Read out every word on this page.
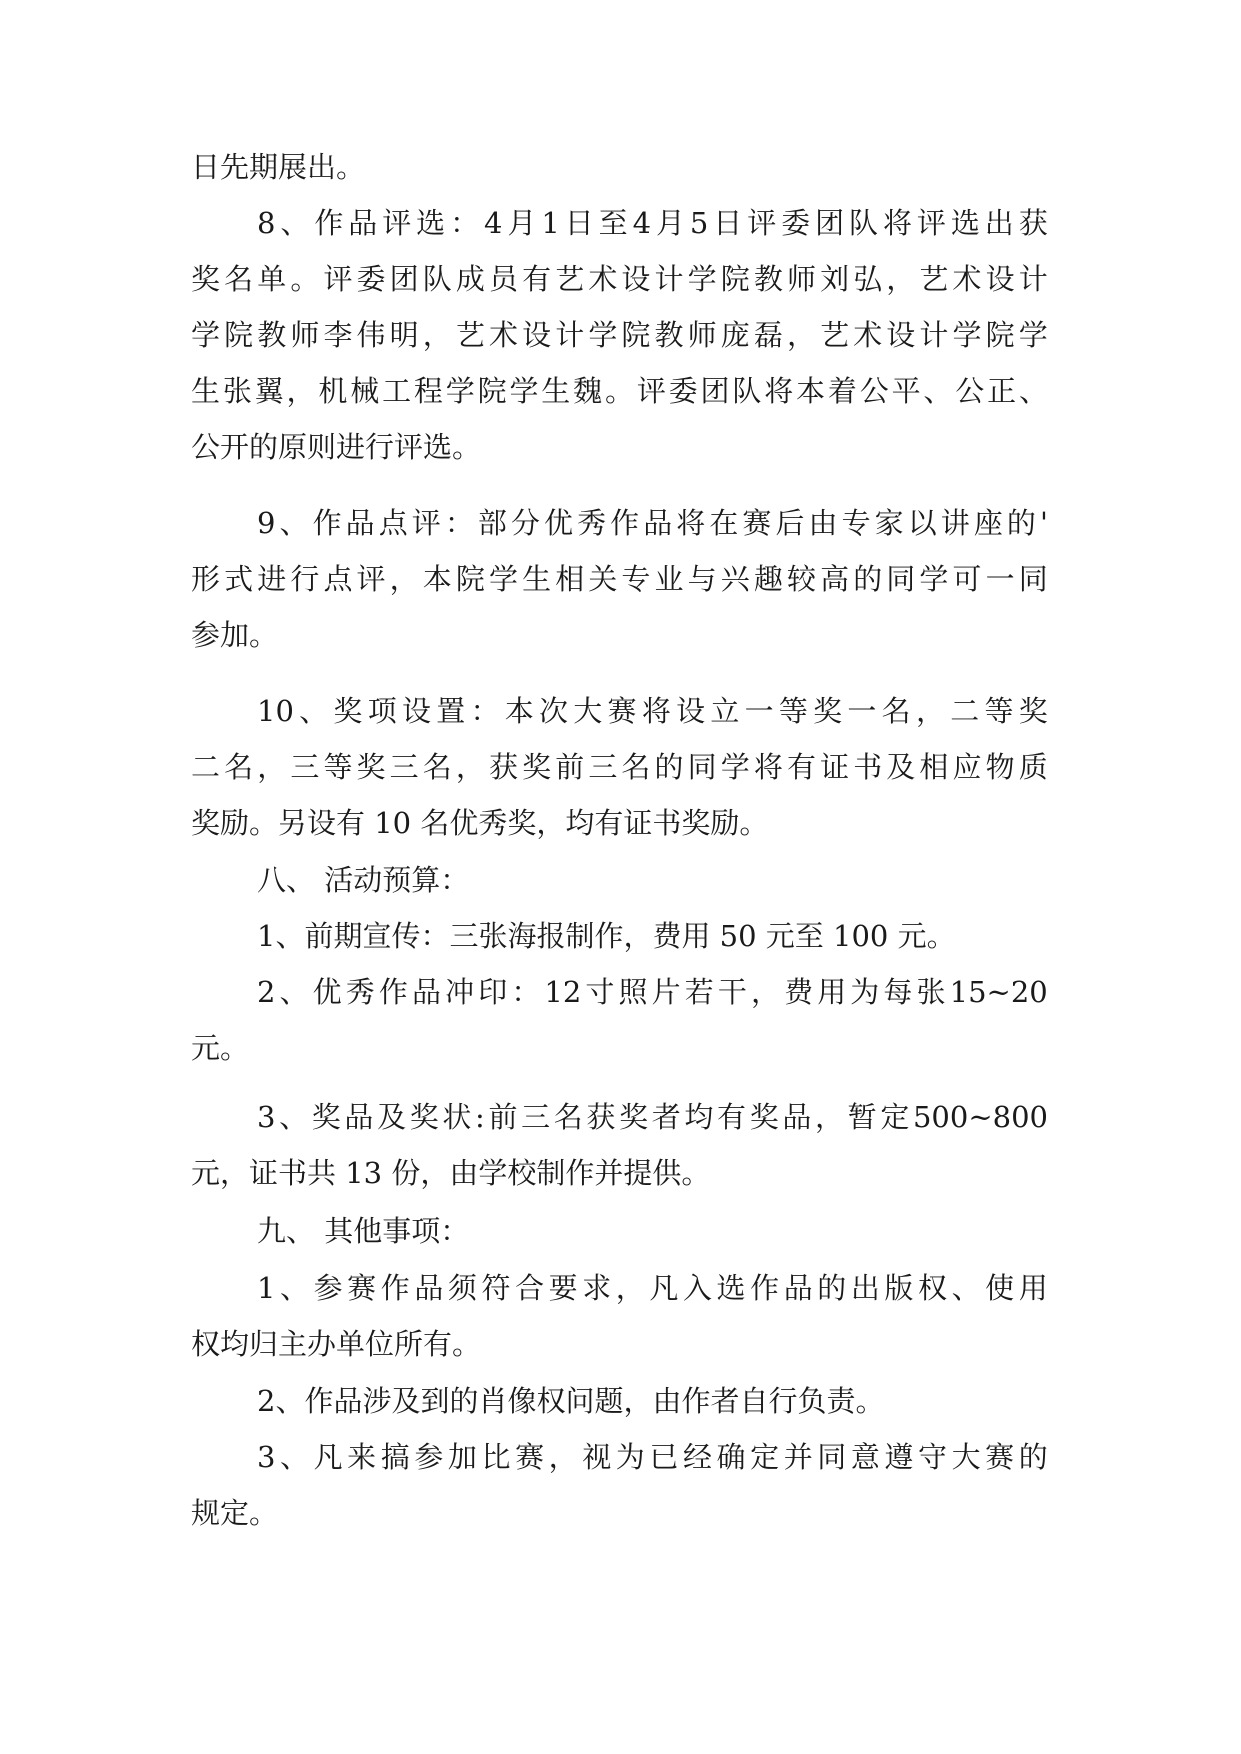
日先期展出。
8 、 作 品 评 选 ： 4 月 1 日 至 4 月 5 日 评 委 团 队 将 评 选 出 获
奖 名 单 。 评 委 团 队 成 员 有 艺 术 设 计 学 院 教 师 刘 弘 ， 艺 术 设 计
学 院 教 师 李 伟 明 ， 艺 术 设 计 学 院 教 师 庞 磊 ， 艺 术 设 计 学 院 学
生 张 翼 ， 机 械 工 程 学 院 学 生 魏 。 评 委 团 队 将 本 着 公 平 、 公 正 、
公开的原则进行评选。
9 、 作 品 点 评 ： 部 分 优 秀 作 品 将 在 赛 后 由 专 家 以 讲 座 的 '
形 式 进 行 点 评 ， 本 院 学 生 相 关 专 业 与 兴 趣 较 高 的 同 学 可 一 同
参加。
10 、 奖 项 设 置 ： 本 次 大 赛 将 设 立 一 等 奖 一 名 ， 二 等 奖
二 名 ， 三 等 奖 三 名 ， 获 奖 前 三 名 的 同 学 将 有 证 书 及 相 应 物 质
奖励。另设有 10 名优秀奖，均有证书奖励。
八、 活动预算：
1、前期宣传：三张海报制作，费用 50 元至 100 元。
2 、 优 秀 作 品 冲 印 ： 12 寸 照 片 若 干 ， 费 用 为 每 张 15~20
元。
3 、 奖 品 及 奖 状 : 前 三 名 获 奖 者 均 有 奖 品 ， 暂 定 500~800
元，证书共 13 份，由学校制作并提供。
九、 其他事项：
1 、 参 赛 作 品 须 符 合 要 求 ， 凡 入 选 作 品 的 出 版 权 、 使 用
权均归主办单位所有。
2、作品涉及到的肖像权问题，由作者自行负责。
3 、 凡 来 搞 参 加 比 赛 ， 视 为 已 经 确 定 并 同 意 遵 守 大 赛 的
规定。
